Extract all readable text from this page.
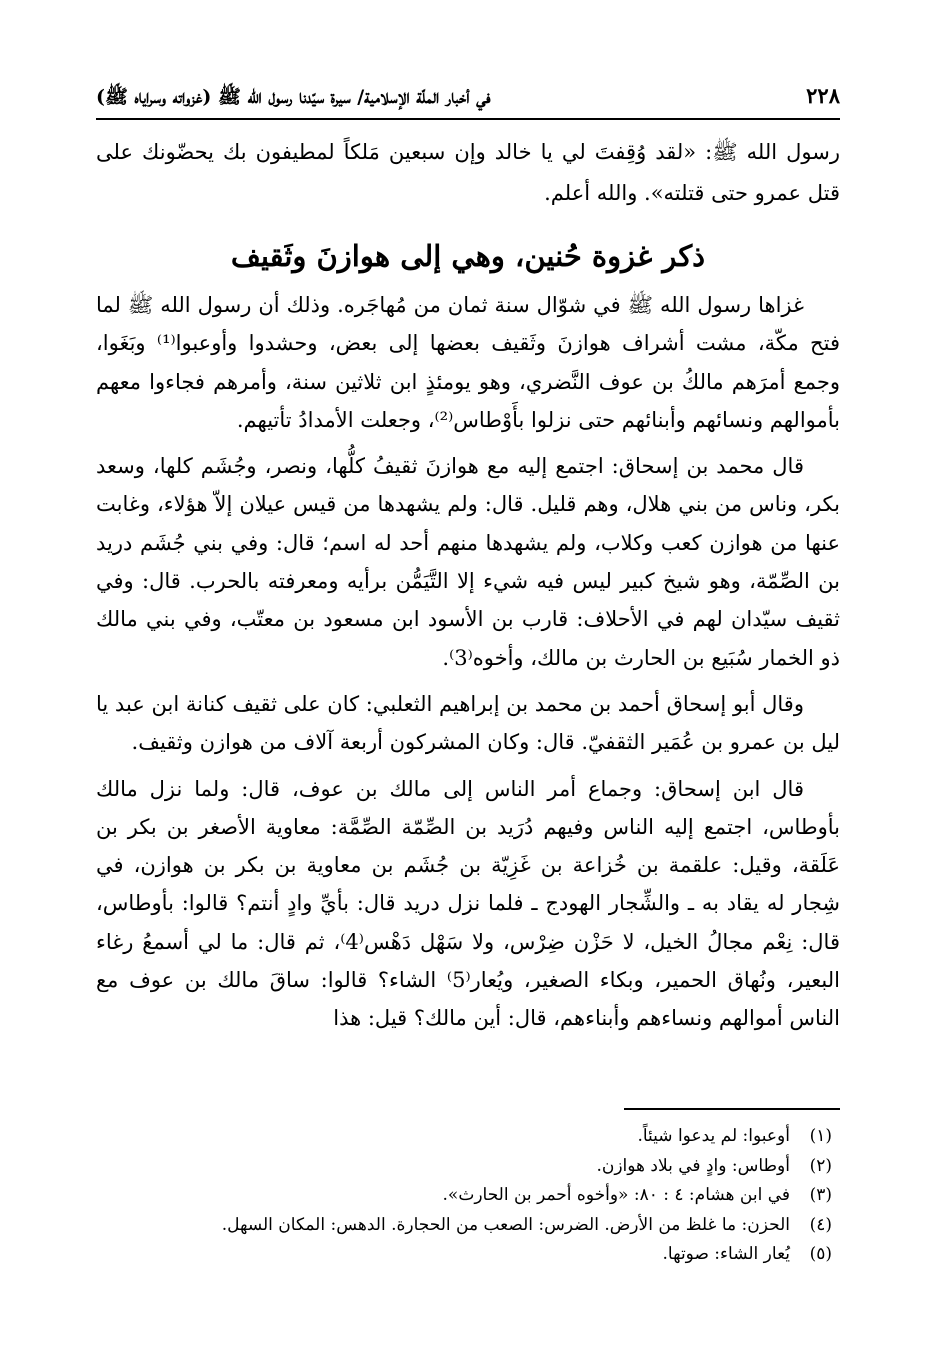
٢٢٨
في أخبار الملّة الإسلامية/ سيرة سيّدنا رسول الله ﷺ (غزواته وسراياه ﷺ)

رسول الله ﷺ: «لقد وُقِفتَ لي يا خالد وإن سبعين مَلكاً لمطيفون بك يحضّونك على قتل عمرو حتى قتلته». والله أعلم.

ذكر غزوة حُنين، وهي إلى هوازنَ وثَقيف

غزاها رسول الله ﷺ في شوّال سنة ثمان من مُهاجَره. وذلك أن رسول الله ﷺ لما فتح مكّة، مشت أشراف هوازنَ وثَقيف بعضها إلى بعض، وحشدوا وأوعبوا⁽¹⁾ وبَغَوا، وجمع أمرَهم مالكُ بن عوف النَّضري، وهو يومئذٍ ابن ثلاثين سنة، وأمرهم فجاءوا معهم بأموالهم ونسائهم وأبنائهم حتى نزلوا بأَوْطاس⁽²⁾، وجعلت الأمدادُ تأتيهم.

قال محمد بن إسحاق: اجتمع إليه مع هوازنَ ثقيفُ كلُّها، ونصر، وجُشَم كلها، وسعد بكر، وناس من بني هلال، وهم قليل. قال: ولم يشهدها من قيس عيلان إلاّ هؤلاء، وغابت عنها من هوازن كعب وكلاب، ولم يشهدها منهم أحد له اسم؛ قال: وفي بني جُشَم دريد بن الصِّمّة، وهو شيخ كبير ليس فيه شيء إلا التَّيَمُّن برأيه ومعرفته بالحرب. قال: وفي ثقيف سيّدان لهم في الأحلاف: قارب بن الأسود ابن مسعود بن معتّب، وفي بني مالك ذو الخمار سُبَيع بن الحارث بن مالك، وأخوه⁽3⁾.

وقال أبو إسحاق أحمد بن محمد بن إبراهيم الثعلبي: كان على ثقيف كنانة ابن عبد يا ليل بن عمرو بن عُمَير الثقفيّ. قال: وكان المشركون أربعة آلاف من هوازن وثقيف.

قال ابن إسحاق: وجماع أمر الناس إلى مالك بن عوف، قال: ولما نزل مالك بأوطاس، اجتمع إليه الناس وفيهم دُرَيد بن الصِّمّة الصِّمَّة: معاوية الأصغر بن بكر بن عَلَقة، وقيل: علقمة بن خُزاعة بن غَزِيّة بن جُشَم بن معاوية بن بكر بن هوازن، في شِجار له يقاد به ـ والشِّجار الهودج ـ فلما نزل دريد قال: بأيِّ وادٍ أنتم؟ قالوا: بأوطاس، قال: نِعْم مجالُ الخيل، لا حَزْن ضِرْس، ولا سَهْل دَهْس⁽4⁾، ثم قال: ما لي أسمعُ رغاء البعير، ونُهاق الحمير، وبكاء الصغير، ويُعار⁽5⁾ الشاء؟ قالوا: ساقَ مالك بن عوف مع الناس أموالهم ونساءهم وأبناءهم، قال: أين مالك؟ قيل: هذا

(١)
أوعبوا: لم يدعوا شيئاً.
(٢)
أوطاس: وادٍ في بلاد هوازن.
(٣)
في ابن هشام: ٤ : ٨٠: «وأخوه أحمر بن الحارث».
(٤)
الحزن: ما غلظ من الأرض. الضرس: الصعب من الحجارة. الدهس: المكان السهل.
(٥)
يُعار الشاء: صوتها.
